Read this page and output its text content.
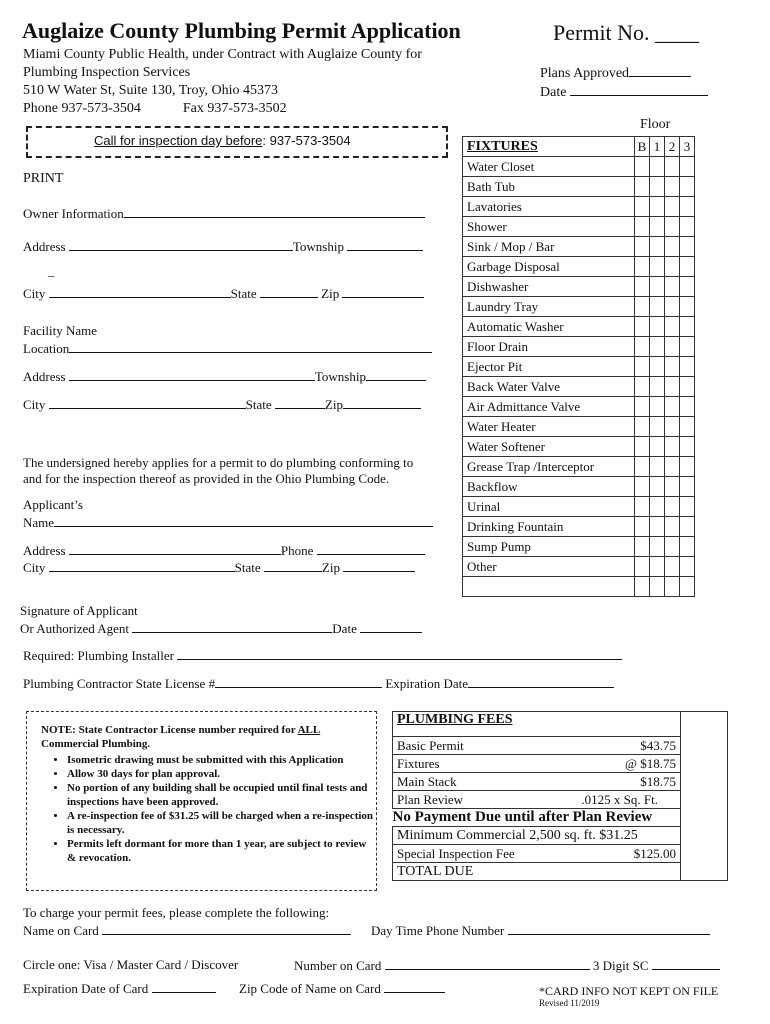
Auglaize County Plumbing Permit Application	Permit No. ____
Miami County Public Health, under Contract with Auglaize County for
Plumbing Inspection Services
510 W Water St, Suite 130, Troy, Ohio 45373
Phone 937-573-3504	Fax 937-573-3502
Plans Approved
Date
Call for inspection day before: 937-573-3504
PRINT
Owner Information
Address	Township
_
City	State	Zip
Facility Name
Location
Address	Township
City	State	Zip
The undersigned hereby applies for a permit to do plumbing conforming to
and for the inspection thereof as provided in the Ohio Plumbing Code.
Applicant’s
Name
Address	Phone
City	State	Zip
Signature of Applicant
Or Authorized Agent	Date
Required: Plumbing Installer
Plumbing Contractor State License #	Expiration Date
Floor
FIXTURES	B	1	2	3
Water Closet				
Bath Tub				
Lavatories				
Shower				
Sink / Mop / Bar				
Garbage Disposal				
Dishwasher				
Laundry Tray				
Automatic Washer				
Floor Drain				
Ejector Pit				
Back Water Valve				
Air Admittance Valve				
Water Heater				
Water Softener				
Grease Trap /Interceptor				
Backflow				
Urinal				
Drinking Fountain				
Sump Pump				
Other				

NOTE: State Contractor License number required for ALL
Commercial Plumbing.
• Isometric drawing must be submitted with this Application
• Allow 30 days for plan approval.
• No portion of any building shall be occupied until final tests and inspections have been approved.
• A re-inspection fee of $31.25 will be charged when a re-inspection is necessary.
• Permits left dormant for more than 1 year, are subject to review & revocation.
PLUMBING FEES	
Basic Permit	$43.75

Fixtures	@ $18.75

Main Stack	$18.75

Plan Review	.0125 x Sq. Ft.

No Payment Due until after Plan Review
Minimum Commercial 2,500 sq. ft. $31.25
Special Inspection Fee	$125.00

TOTAL DUE
To charge your permit fees, please complete the following:
Name on Card	Day Time Phone Number
Circle one: Visa / Master Card / Discover	Number on Card	3 Digit SC
Expiration Date of Card	Zip Code of Name on Card	*CARD INFO NOT KEPT ON FILE
Revised 11/2019
